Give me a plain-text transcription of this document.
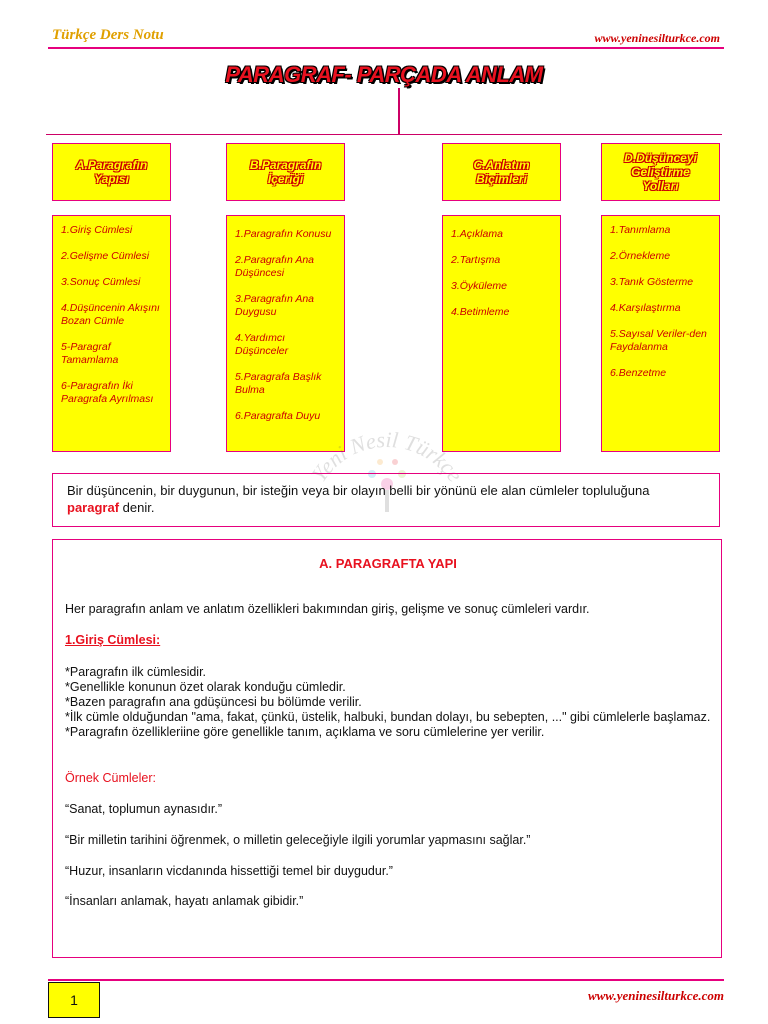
Türkçe Ders Notu	www.yeninesilturkce.com
PARAGRAF- PARÇADA ANLAM
A.Paragrafın
Yapısı
B.Paragrafın
İçeriği
C.Anlatım
Biçimleri
D.Düşünceyi
Geliştirme
Yolları
1.Giriş Cümlesi
2.Gelişme Cümlesi
3.Sonuç Cümlesi
4.Düşüncenin Akışını Bozan Cümle
5-Paragraf Tamamlama
6-Paragrafın İki Paragrafa Ayrılması
1.Paragrafın Konusu
2.Paragrafın Ana Düşüncesi
3.Paragrafın Ana Duygusu
4.Yardımcı Düşünceler
5.Paragrafa Başlık Bulma
6.Paragrafta Duyu
1.Açıklama
2.Tartışma
3.Öyküleme
4.Betimleme
1.Tanımlama
2.Örnekleme
3.Tanık Gösterme
4.Karşılaştırma
5.Sayısal Veriler-den Faydalanma
6.Benzetme
Yeni Nesil Türkçe
Bir düşüncenin, bir duygunun, bir isteğin veya bir olayın belli bir yönünü ele alan cümleler topluluğuna paragraf denir.
A. PARAGRAFTA YAPI
Her paragrafın anlam ve anlatım özellikleri bakımından giriş, gelişme ve sonuç cümleleri vardır.
1.Giriş Cümlesi:
*Paragrafın ilk cümlesidir.
*Genellikle konunun özet olarak konduğu cümledir.
*Bazen paragrafın ana gdüşüncesi bu bölümde verilir.
*İlk cümle olduğundan "ama, fakat, çünkü, üstelik, halbuki, bundan dolayı, bu sebepten, ..." gibi cümlelerle başlamaz.
*Paragrafın özellikleriine göre genellikle tanım, açıklama ve soru cümlelerine yer verilir.
Örnek Cümleler:
“Sanat, toplumun aynasıdır.”
“Bir milletin tarihini öğrenmek, o milletin geleceğiyle ilgili yorumlar yapmasını sağlar.”
“Huzur, insanların vicdanında hissettiği temel bir duygudur.”
“İnsanları anlamak, hayatı anlamak gibidir.”
1	www.yeninesilturkce.com
